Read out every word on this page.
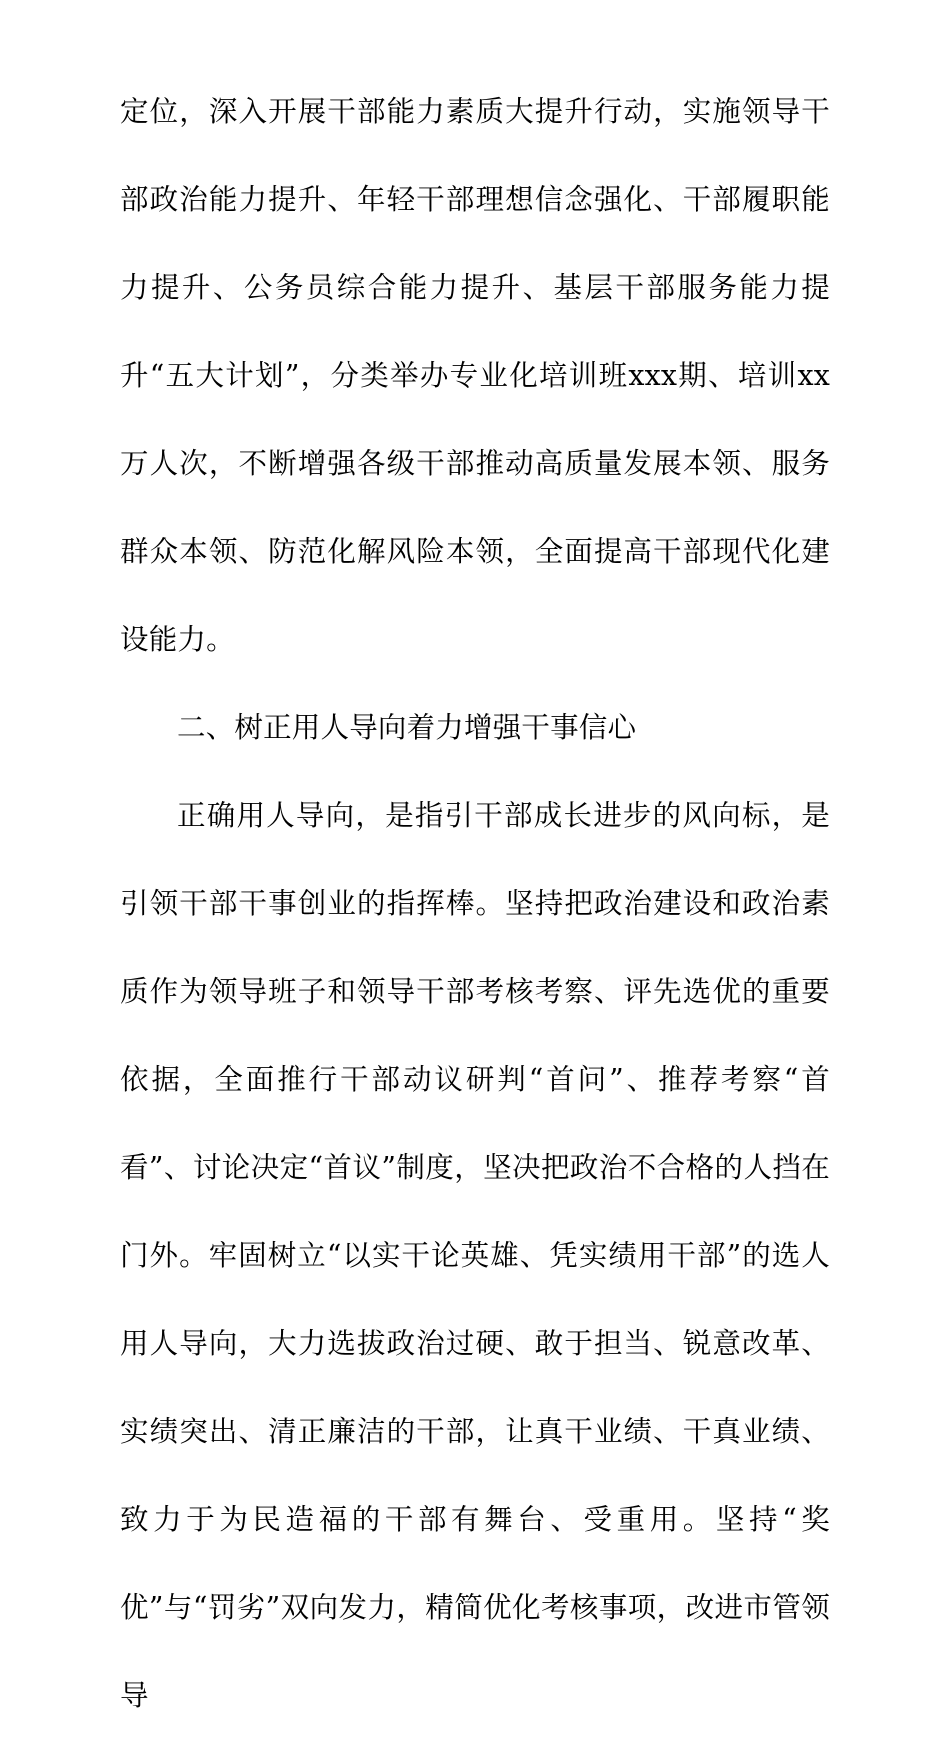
定位，深入开展干部能力素质大提升行动，实施领导干部政治能力提升、年轻干部理想信念强化、干部履职能力提升、公务员综合能力提升、基层干部服务能力提升“五大计划”，分类举办专业化培训班xxx期、培训xx万人次，不断增强各级干部推动高质量发展本领、服务群众本领、防范化解风险本领，全面提高干部现代化建设能力。

二、树正用人导向着力增强干事信心

正确用人导向，是指引干部成长进步的风向标，是引领干部干事创业的指挥棒。坚持把政治建设和政治素质作为领导班子和领导干部考核考察、评先选优的重要依据，全面推行干部动议研判“首问”、推荐考察“首看”、讨论决定“首议”制度，坚决把政治不合格的人挡在门外。牢固树立“以实干论英雄、凭实绩用干部”的选人用人导向，大力选拔政治过硬、敢于担当、锐意改革、实绩突出、清正廉洁的干部，让真干业绩、干真业绩、致力于为民造福的干部有舞台、受重用。坚持“奖优”与“罚劣”双向发力，精简优化考核事项，改进市管领导
